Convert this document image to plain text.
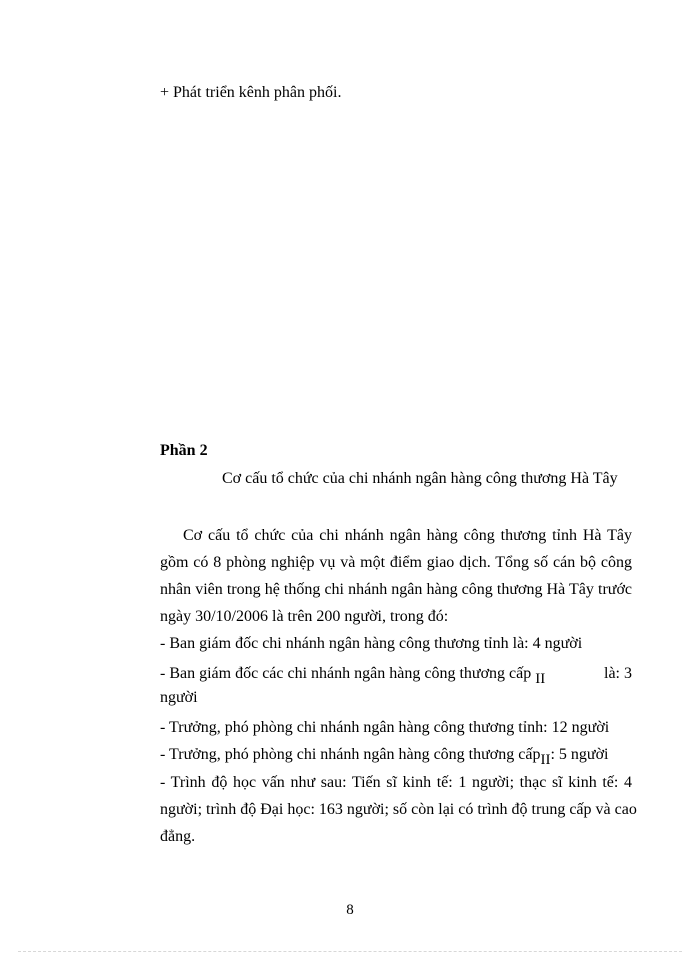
+ Phát triển kênh phân phối.
Phần 2
Cơ cấu tổ chức của chi nhánh ngân hàng công thương Hà Tây
Cơ cấu tổ chức của chi nhánh ngân hàng công thương tỉnh Hà Tây
gồm có 8 phòng nghiệp vụ và một điểm giao dịch. Tổng số cán bộ công
nhân viên trong hệ thống chi nhánh ngân hàng công thương Hà Tây trước
ngày 30/10/2006 là trên 200 người, trong đó:
- Ban giám đốc chi nhánh ngân hàng công thương tỉnh là: 4 người
- Ban giám đốc các chi nhánh ngân hàng công thương cấp II	là: 3
người
- Trưởng, phó phòng chi nhánh ngân hàng công thương tỉnh: 12 người
- Trưởng, phó phòng chi nhánh ngân hàng công thương cấpII: 5 người
- Trình độ học vấn như sau: Tiến sĩ kinh tế: 1 người; thạc sĩ kinh tế: 4
người; trình độ Đại học: 163 người; số còn lại có trình độ trung cấp và cao
đẳng.
8
